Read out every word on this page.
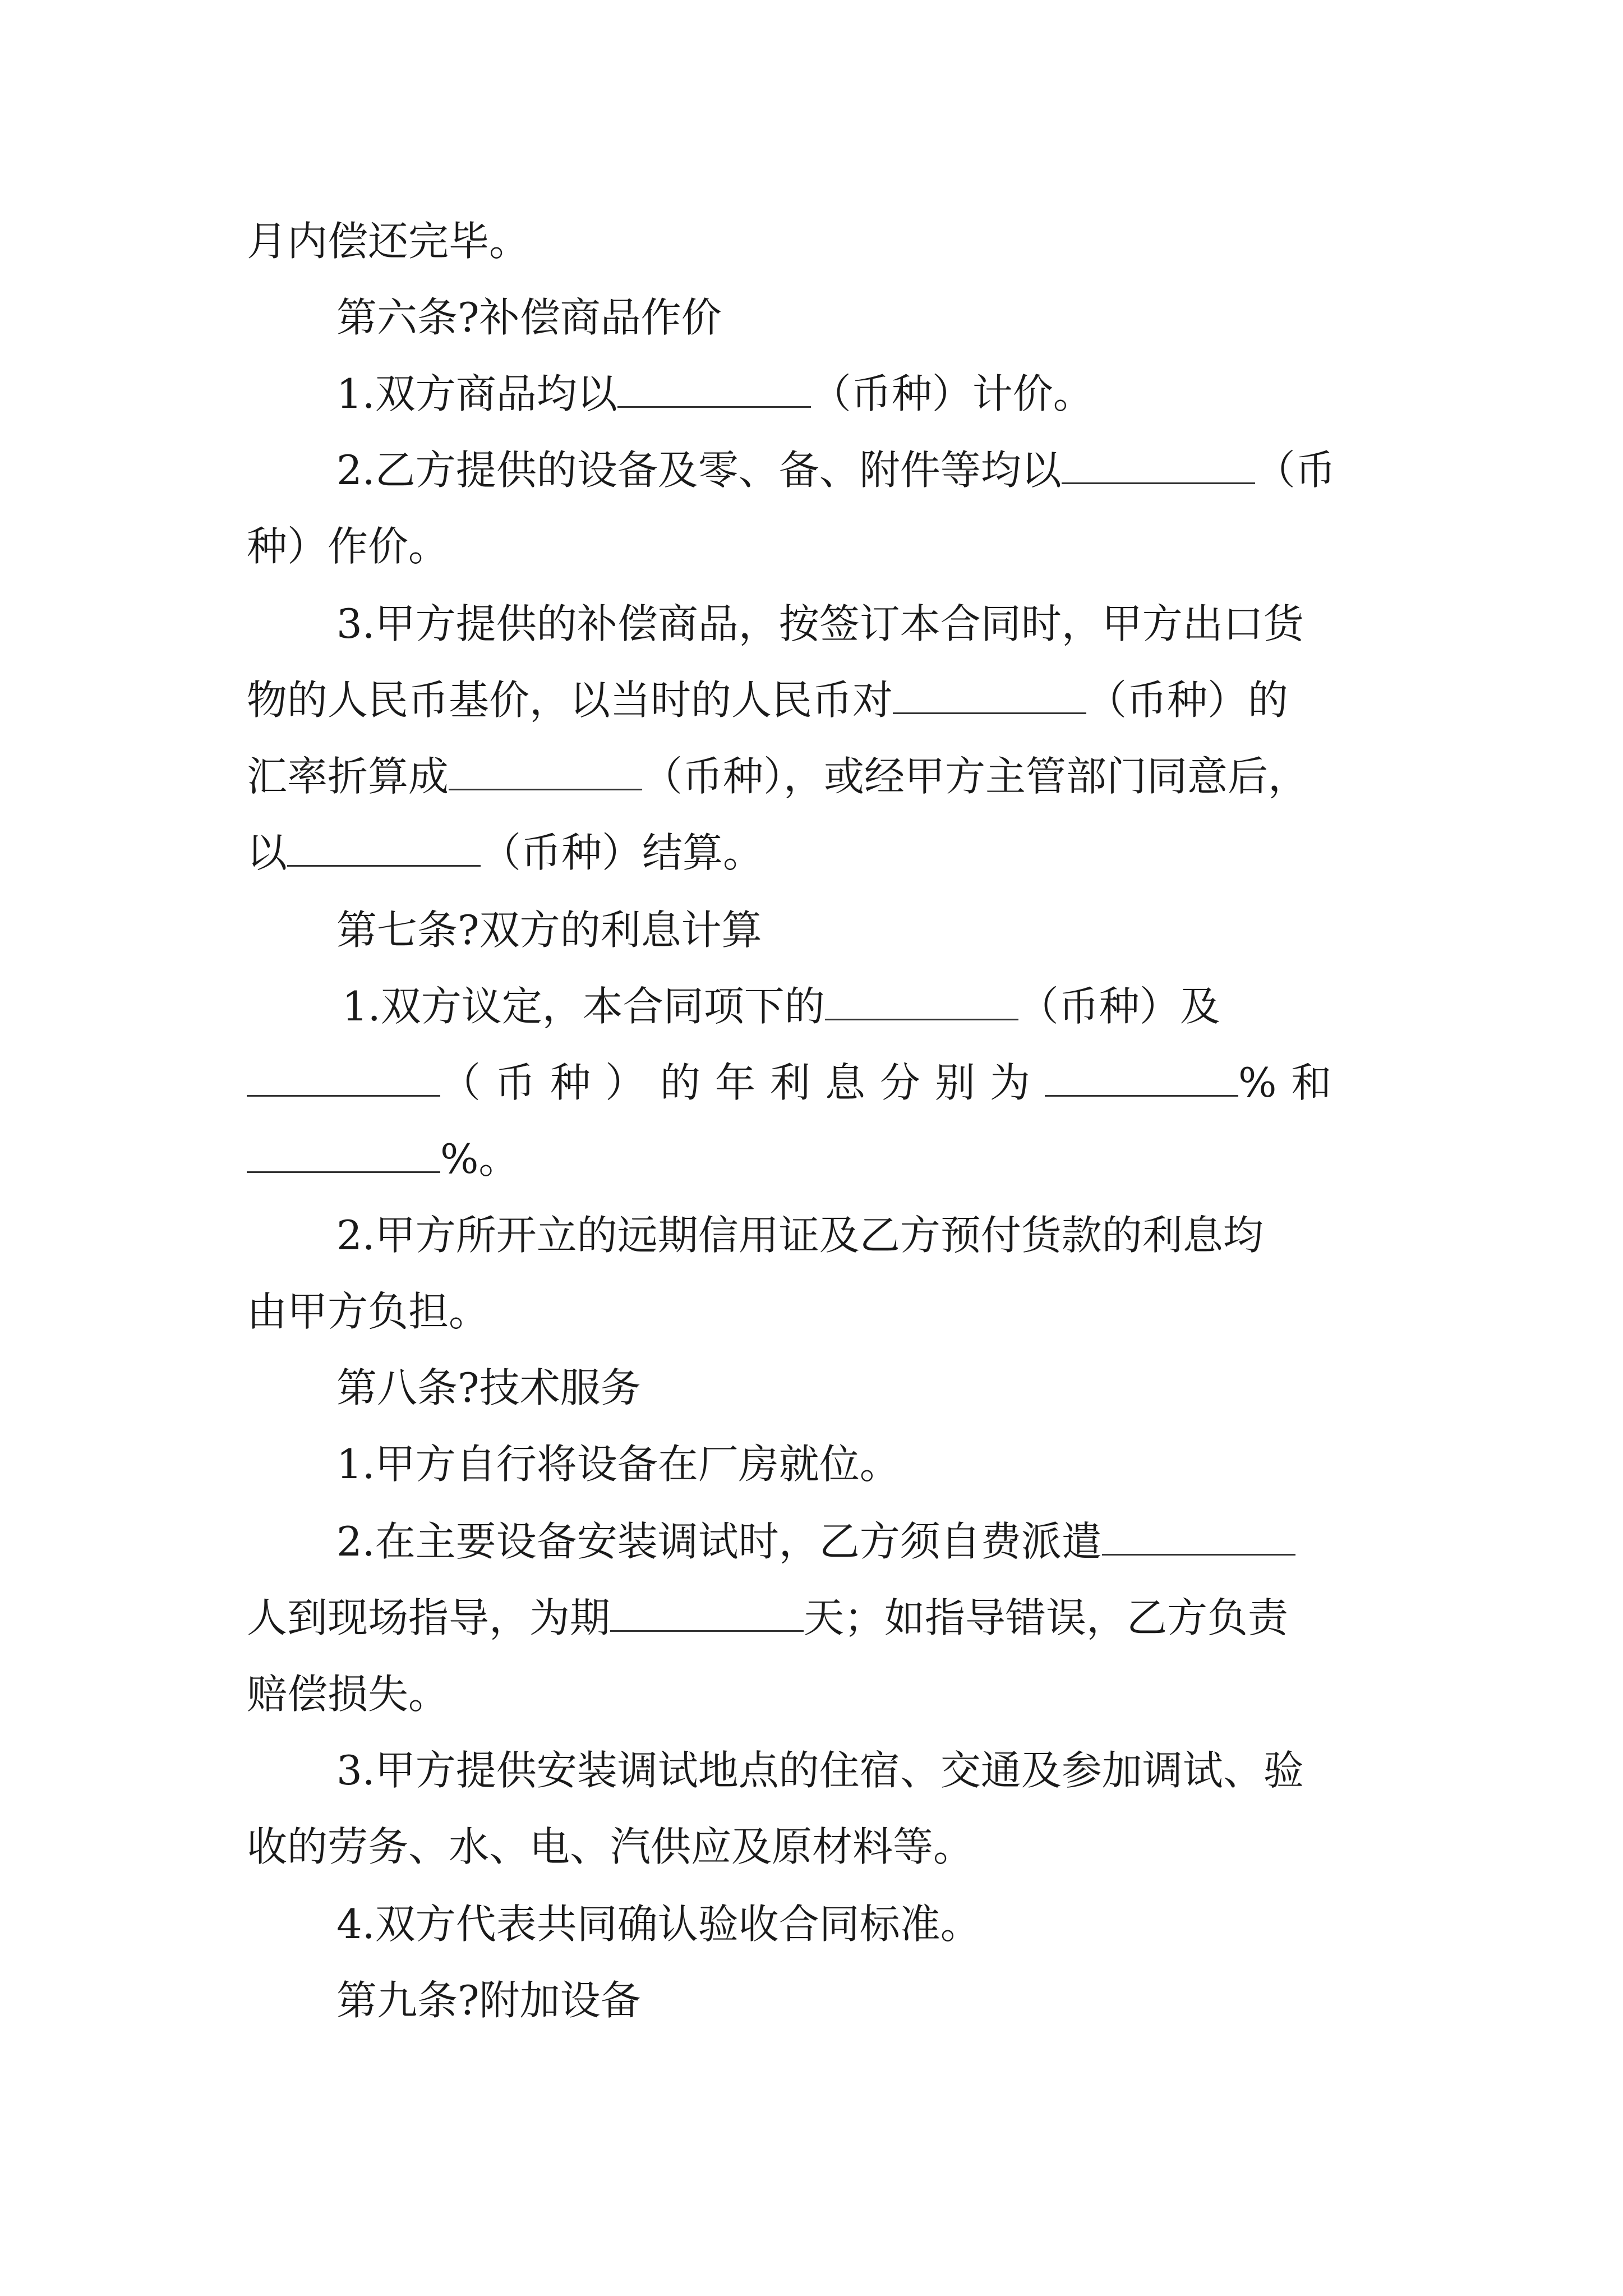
月内偿还完毕。

第六条?补偿商品作价

1.双方商品均以	（币种）计价。

2.乙方提供的设备及零、备、附件等均以	（币

种）作价。

3.甲方提供的补偿商品，按签订本合同时，甲方出口货

物的人民币基价，以当时的人民币对	（币种）的

汇率折算成	（币种），或经甲方主管部门同意后，

以	（币种）结算。

第七条?双方的利息计算

1.双方议定，本合同项下的	（币种）及

（币种）的年利息分别为	%和

%。

2.甲方所开立的远期信用证及乙方预付货款的利息均

由甲方负担。

第八条?技术服务

1.甲方自行将设备在厂房就位。

2.在主要设备安装调试时，乙方须自费派遣

人到现场指导，为期	天；如指导错误，乙方负责

赔偿损失。

3.甲方提供安装调试地点的住宿、交通及参加调试、验

收的劳务、水、电、汽供应及原材料等。

4.双方代表共同确认验收合同标准。

第九条?附加设备
